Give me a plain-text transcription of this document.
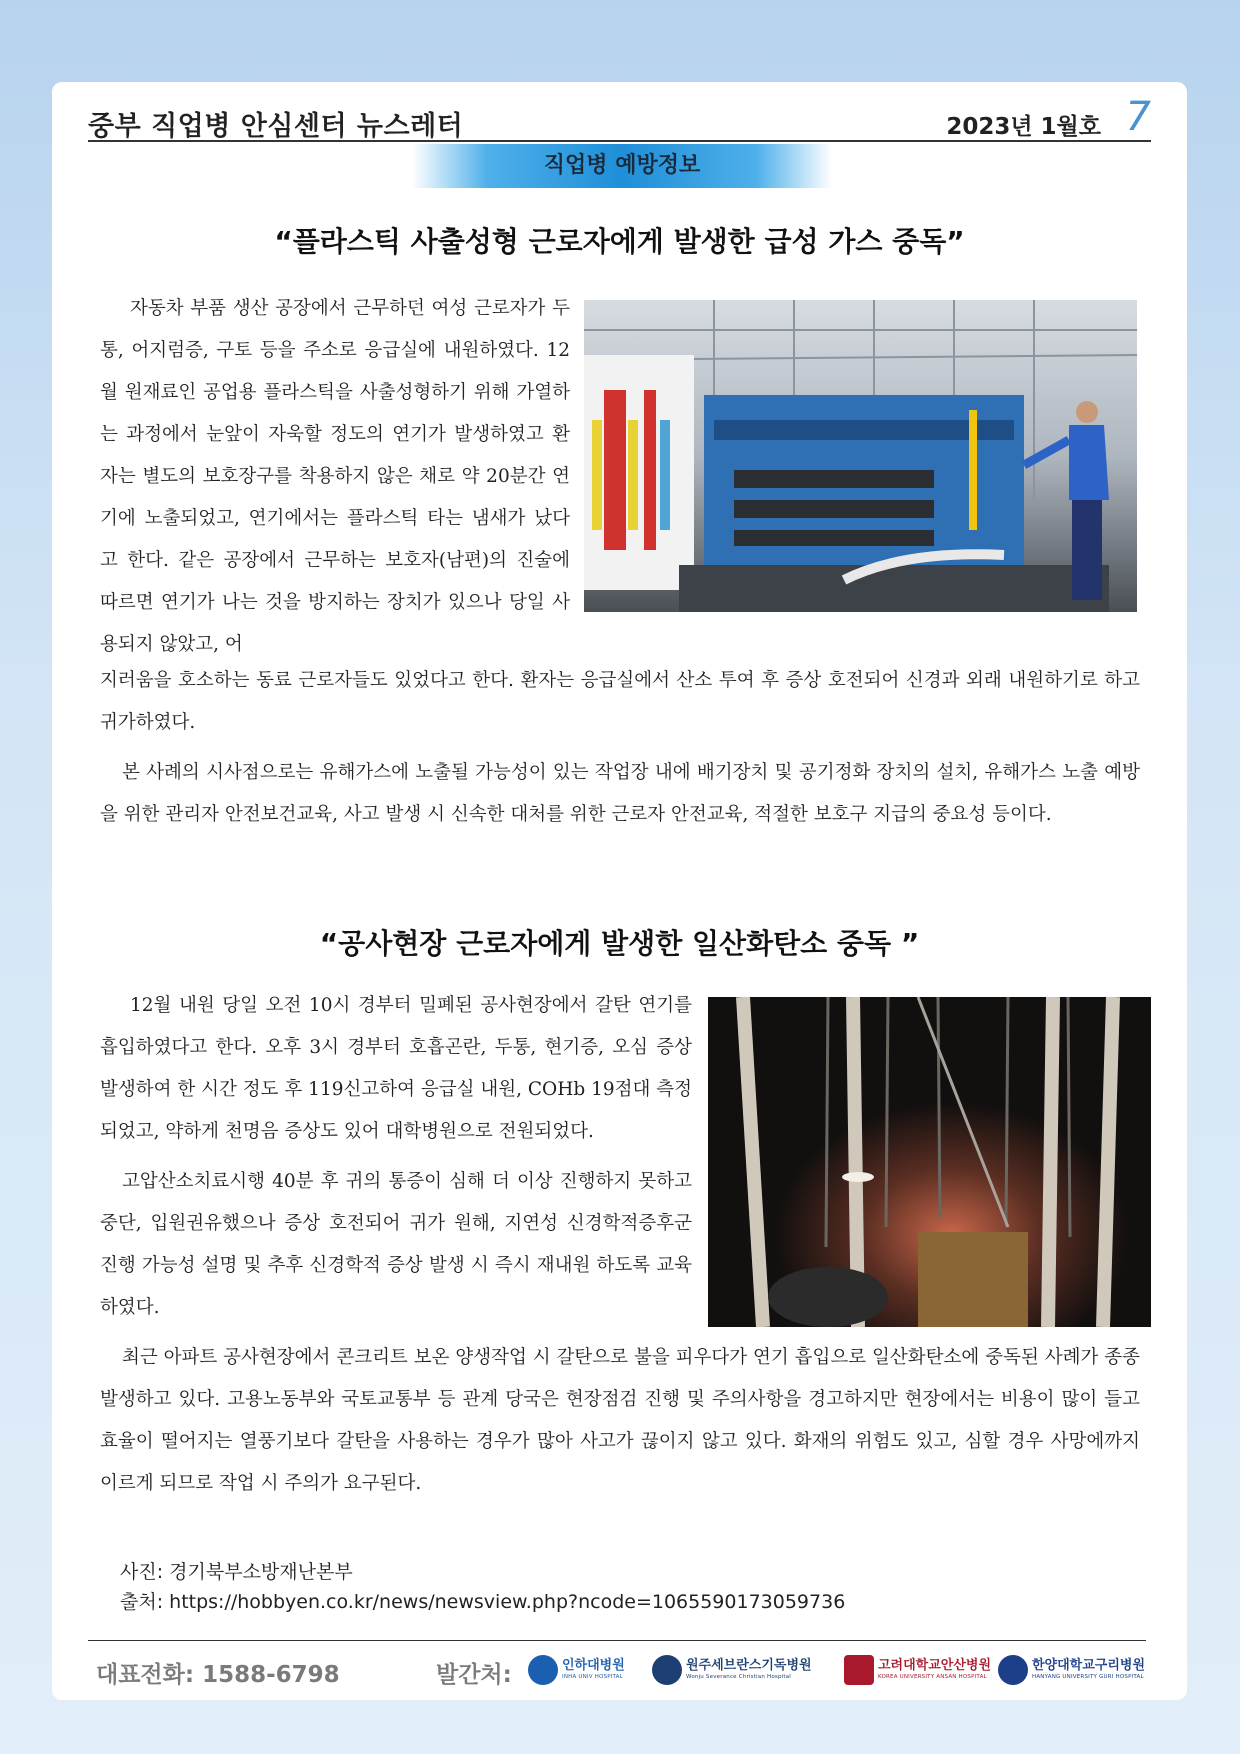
중부 직업병 안심센터 뉴스레터	2023년 1월호 7
직업병 예방정보
“플라스틱 사출성형 근로자에게 발생한 급성 가스 중독”

자동차 부품 생산 공장에서 근무하던 여성 근로자가 두통, 어지럼증, 구토 등을 주소로 응급실에 내원하였다. 12월 원재료인 공업용 플라스틱을 사출성형하기 위해 가열하는 과정에서 눈앞이 자욱할 정도의 연기가 발생하였고 환자는 별도의 보호장구를 착용하지 않은 채로 약 20분간 연기에 노출되었고, 연기에서는 플라스틱 타는 냄새가 났다고 한다. 같은 공장에서 근무하는 보호자(남편)의 진술에 따르면 연기가 나는 것을 방지하는 장치가 있으나 당일 사용되지 않았고, 어

지러움을 호소하는 동료 근로자들도 있었다고 한다. 환자는 응급실에서 산소 투여 후 증상 호전되어 신경과 외래 내원하기로 하고 귀가하였다.

본 사례의 시사점으로는 유해가스에 노출될 가능성이 있는 작업장 내에 배기장치 및 공기정화 장치의 설치, 유해가스 노출 예방을 위한 관리자 안전보건교육, 사고 발생 시 신속한 대처를 위한 근로자 안전교육, 적절한 보호구 지급의 중요성 등이다.

“공사현장 근로자에게 발생한 일산화탄소 중독 ”

12월 내원 당일 오전 10시 경부터 밀폐된 공사현장에서 갈탄 연기를 흡입하였다고 한다. 오후 3시 경부터 호흡곤란, 두통, 현기증, 오심 증상 발생하여 한 시간 정도 후 119신고하여 응급실 내원, COHb 19점대 측정되었고, 약하게 천명음 증상도 있어 대학병원으로 전원되었다.

고압산소치료시행 40분 후 귀의 통증이 심해 더 이상 진행하지 못하고 중단, 입원권유했으나 증상 호전되어 귀가 원해, 지연성 신경학적증후군 진행 가능성 설명 및 추후 신경학적 증상 발생 시 즉시 재내원 하도록 교육하였다.

최근 아파트 공사현장에서 콘크리트 보온 양생작업 시 갈탄으로 불을 피우다가 연기 흡입으로 일산화탄소에 중독된 사례가 종종 발생하고 있다. 고용노동부와 국토교통부 등 관계 당국은 현장점검 진행 및 주의사항을 경고하지만 현장에서는 비용이 많이 들고 효율이 떨어지는 열풍기보다 갈탄을 사용하는 경우가 많아 사고가 끊이지 않고 있다. 화재의 위험도 있고, 심할 경우 사망에까지 이르게 되므로 작업 시 주의가 요구된다.

사진: 경기북부소방재난본부
출처: https://hobbyen.co.kr/news/newsview.php?ncode=1065590173059736
대표전화: 1588-6798	발간처:	인하대병원
INHA UNIV HOSPITAL
원주세브란스기독병원
Wonju Severance Christian Hospital
고려대학교안산병원
KOREA UNIVERSITY ANSAN HOSPITAL
한양대학교구리병원
HANYANG UNIVERSITY GURI HOSPITAL
